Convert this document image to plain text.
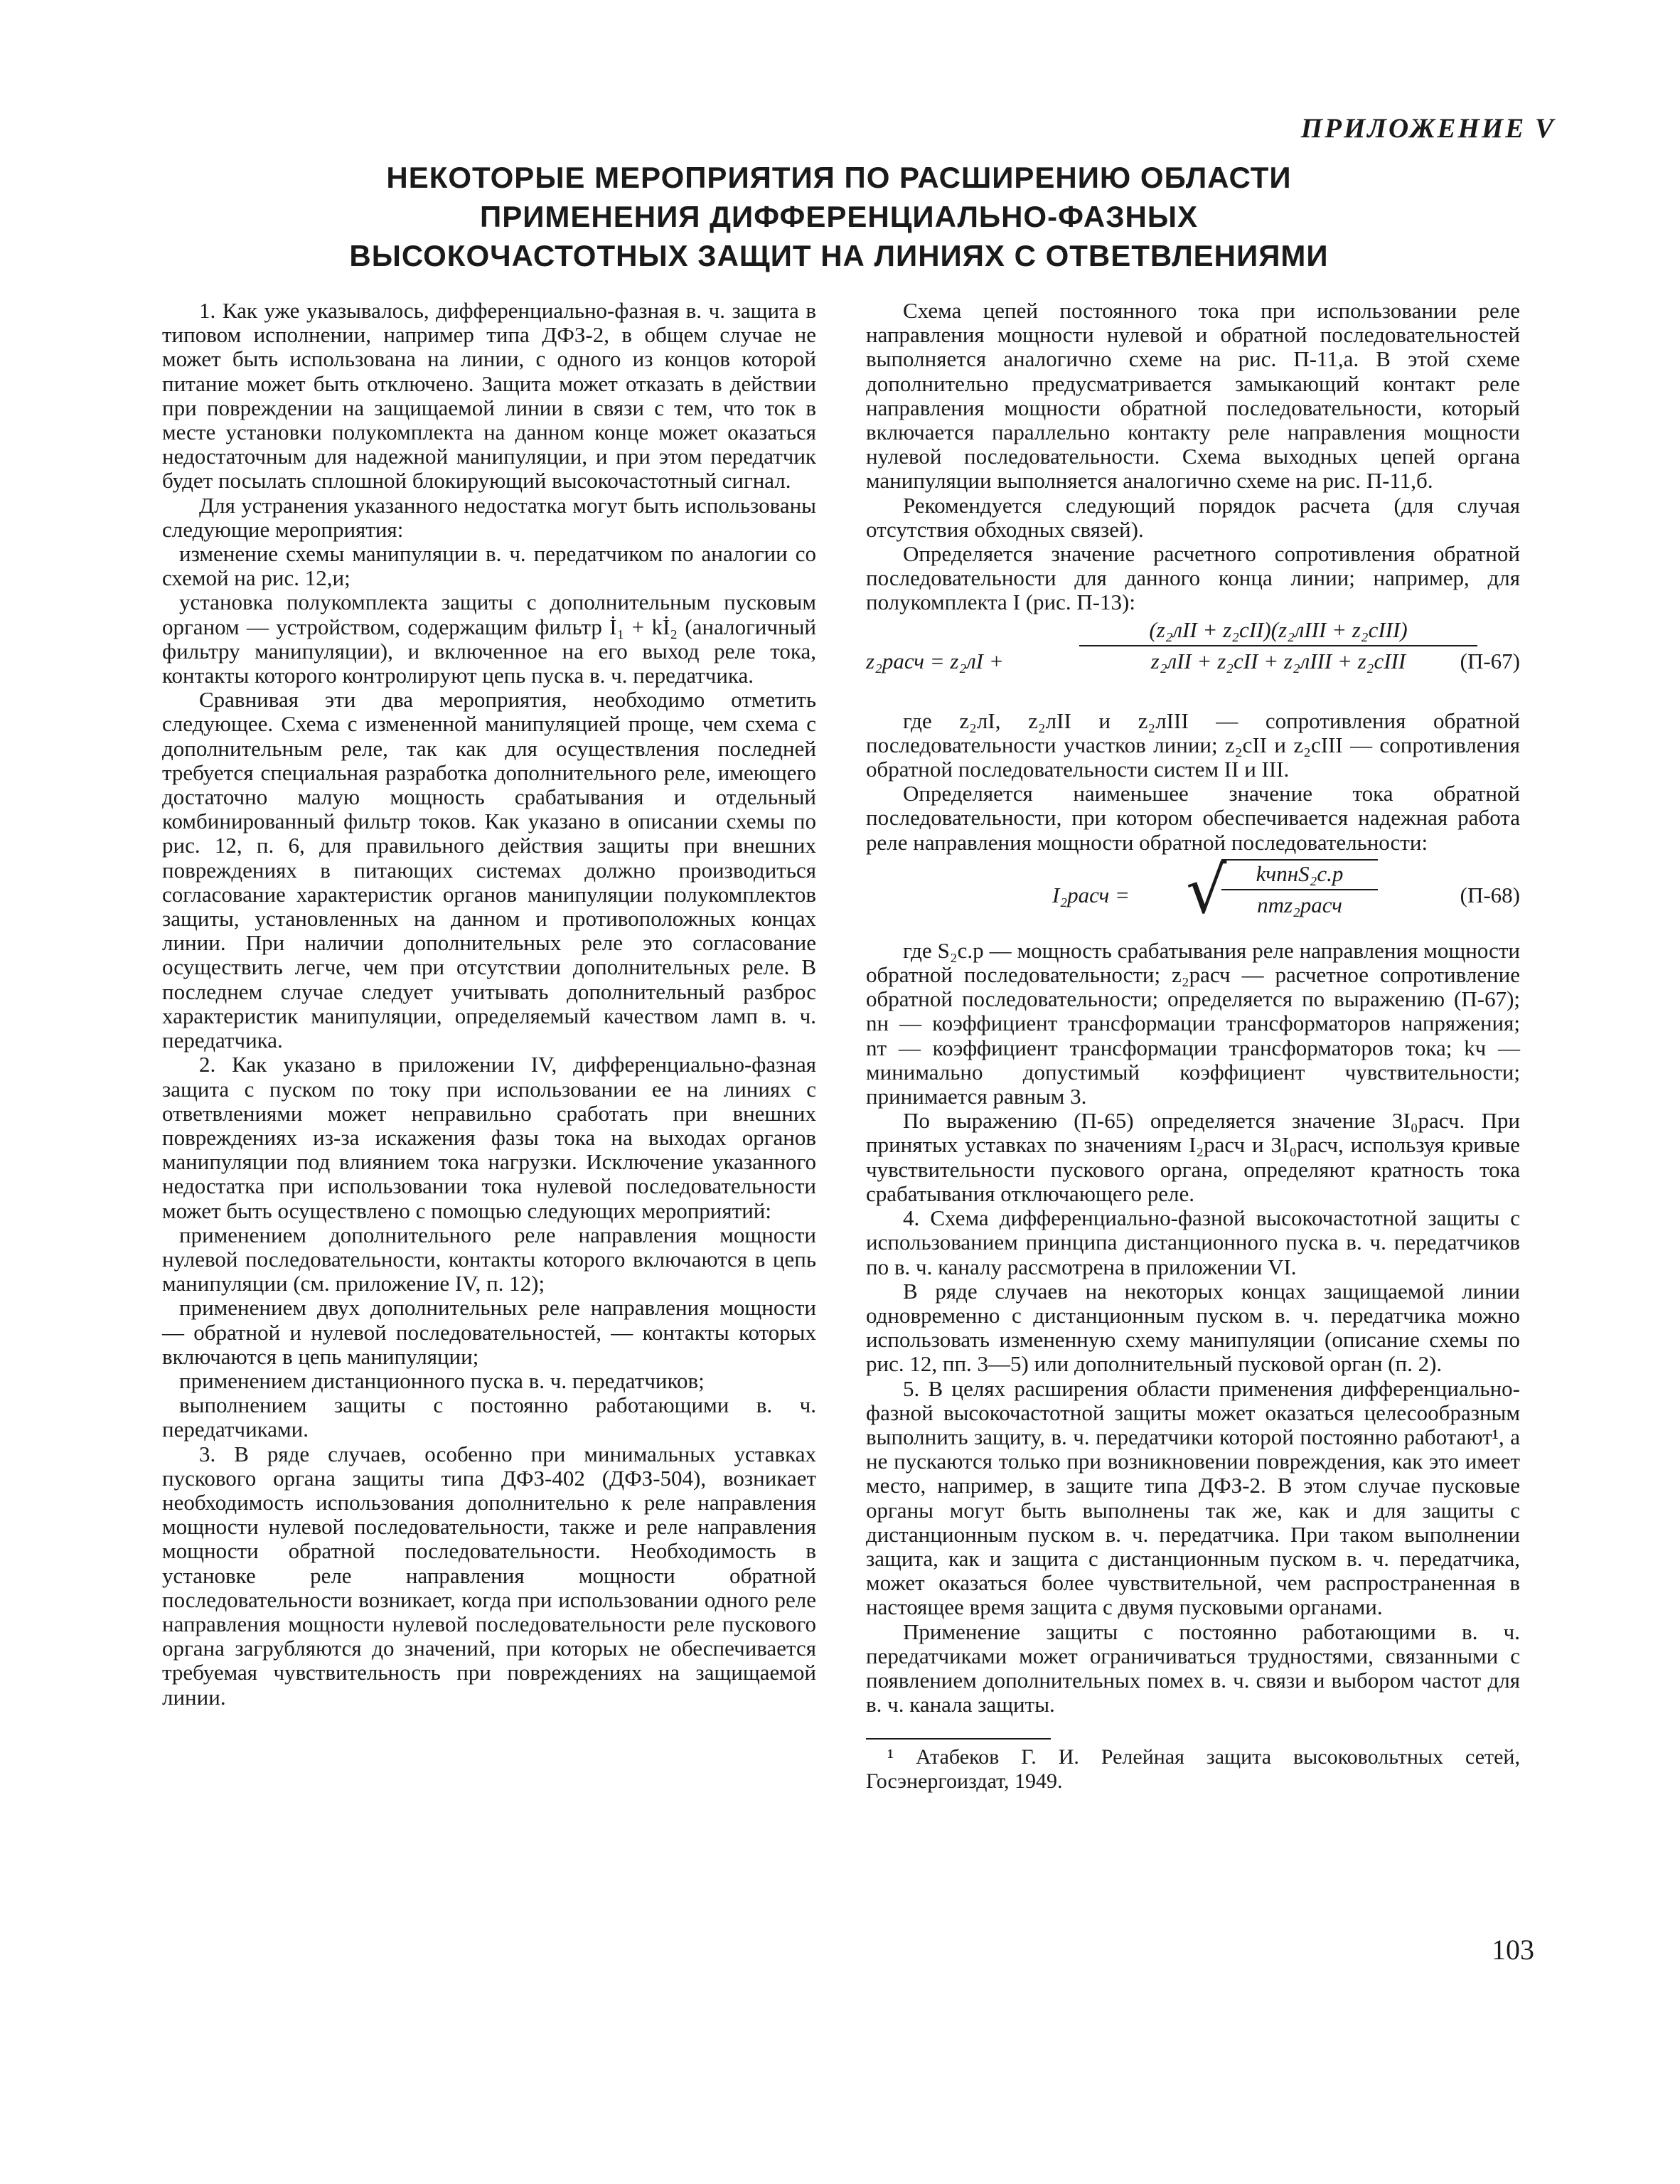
ПРИЛОЖЕНИЕ V
НЕКОТОРЫЕ МЕРОПРИЯТИЯ ПО РАСШИРЕНИЮ ОБЛАСТИ
ПРИМЕНЕНИЯ ДИФФЕРЕНЦИАЛЬНО-ФАЗНЫХ
ВЫСОКОЧАСТОТНЫХ ЗАЩИТ НА ЛИНИЯХ С ОТВЕТВЛЕНИЯМИ

1. Как уже указывалось, дифференциально-фазная в. ч. защита в типовом исполнении, например типа ДФЗ-2, в общем случае не может быть использована на линии, с одного из концов которой питание может быть отключено. Защита может отказать в действии при повреждении на защищаемой линии в связи с тем, что ток в месте установки полукомплекта на данном конце может оказаться недостаточным для надежной манипуляции, и при этом передатчик будет посылать сплошной блокирующий высокочастотный сигнал.

Для устранения указанного недостатка могут быть использованы следующие мероприятия:

изменение схемы манипуляции в. ч. передатчиком по аналогии со схемой на рис. 12,и;

установка полукомплекта защиты с дополнительным пусковым органом — устройством, содержащим фильтр İ₁ + kİ₂ (аналогичный фильтру манипуляции), и включенное на его выход реле тока, контакты которого контролируют цепь пуска в. ч. передатчика.

Сравнивая эти два мероприятия, необходимо отметить следующее. Схема с измененной манипуляцией проще, чем схема с дополнительным реле, так как для осуществления последней требуется специальная разработка дополнительного реле, имеющего достаточно малую мощность срабатывания и отдельный комбинированный фильтр токов. Как указано в описании схемы по рис. 12, п. 6, для правильного действия защиты при внешних повреждениях в питающих системах должно производиться согласование характеристик органов манипуляции полукомплектов защиты, установленных на данном и противоположных концах линии. При наличии дополнительных реле это согласование осуществить легче, чем при отсутствии дополнительных реле. В последнем случае следует учитывать дополнительный разброс характеристик манипуляции, определяемый качеством ламп в. ч. передатчика.

2. Как указано в приложении IV, дифференциально-фазная защита с пуском по току при использовании ее на линиях с ответвлениями может неправильно сработать при внешних повреждениях из-за искажения фазы тока на выходах органов манипуляции под влиянием тока нагрузки. Исключение указанного недостатка при использовании тока нулевой последовательности может быть осуществлено с помощью следующих мероприятий:

применением дополнительного реле направления мощности нулевой последовательности, контакты которого включаются в цепь манипуляции (см. приложение IV, п. 12);

применением двух дополнительных реле направления мощности — обратной и нулевой последовательностей, — контакты которых включаются в цепь манипуляции;

применением дистанционного пуска в. ч. передатчиков;

выполнением защиты с постоянно работающими в. ч. передатчиками.

3. В ряде случаев, особенно при минимальных уставках пускового органа защиты типа ДФЗ-402 (ДФЗ-504), возникает необходимость использования дополнительно к реле направления мощности нулевой последовательности, также и реле направления мощности обратной последовательности. Необходимость в установке реле направления мощности обратной последовательности возникает, когда при использовании одного реле направления мощности нулевой последовательности реле пускового органа загрубляются до значений, при которых не обеспечивается требуемая чувствительность при повреждениях на защищаемой линии.

Схема цепей постоянного тока при использовании реле направления мощности нулевой и обратной последовательностей выполняется аналогично схеме на рис. П-11,а. В этой схеме дополнительно предусматривается замыкающий контакт реле направления мощности обратной последовательности, который включается параллельно контакту реле направления мощности нулевой последовательности. Схема выходных цепей органа манипуляции выполняется аналогично схеме на рис. П-11,б.

Рекомендуется следующий порядок расчета (для случая отсутствия обходных связей).

Определяется значение расчетного сопротивления обратной последовательности для данного конца линии; например, для полукомплекта I (рис. П-13):

z₂расч = z₂лI +
(z₂лII + z₂cII)(z₂лIII + z₂cIII)
z₂лII + z₂cII + z₂лIII + z₂cIII	(П-67)

где z₂лI, z₂лII и z₂лIII — сопротивления обратной последовательности участков линии; z₂cII и z₂cIII — сопротивления обратной последовательности систем II и III.

Определяется наименьшее значение тока обратной последовательности, при котором обеспечивается надежная работа реле направления мощности обратной последовательности:

I₂расч = √	kчnнS₂c.р
nтz₂расч	(П-68)

где S₂c.р — мощность срабатывания реле направления мощности обратной последовательности; z₂расч — расчетное сопротивление обратной последовательности; определяется по выражению (П-67); nн — коэффициент трансформации трансформаторов напряжения; nт — коэффициент трансформации трансформаторов тока; kч — минимально допустимый коэффициент чувствительности; принимается равным 3.

По выражению (П-65) определяется значение 3I₀расч. При принятых уставках по значениям I₂расч и 3I₀расч, используя кривые чувствительности пускового органа, определяют кратность тока срабатывания отключающего реле.

4. Схема дифференциально-фазной высокочастотной защиты с использованием принципа дистанционного пуска в. ч. передатчиков по в. ч. каналу рассмотрена в приложении VI.

В ряде случаев на некоторых концах защищаемой линии одновременно с дистанционным пуском в. ч. передатчика можно использовать измененную схему манипуляции (описание схемы по рис. 12, пп. 3—5) или дополнительный пусковой орган (п. 2).

5. В целях расширения области применения дифференциально-фазной высокочастотной защиты может оказаться целесообразным выполнить защиту, в. ч. передатчики которой постоянно работают¹, а не пускаются только при возникновении повреждения, как это имеет место, например, в защите типа ДФЗ-2. В этом случае пусковые органы могут быть выполнены так же, как и для защиты с дистанционным пуском в. ч. передатчика. При таком выполнении защита, как и защита с дистанционным пуском в. ч. передатчика, может оказаться более чувствительной, чем распространенная в настоящее время защита с двумя пусковыми органами.

Применение защиты с постоянно работающими в. ч. передатчиками может ограничиваться трудностями, связанными с появлением дополнительных помех в. ч. связи и выбором частот для в. ч. канала защиты.

¹ Атабеков Г. И. Релейная защита высоковольтных сетей, Госэнергоиздат, 1949.
103
